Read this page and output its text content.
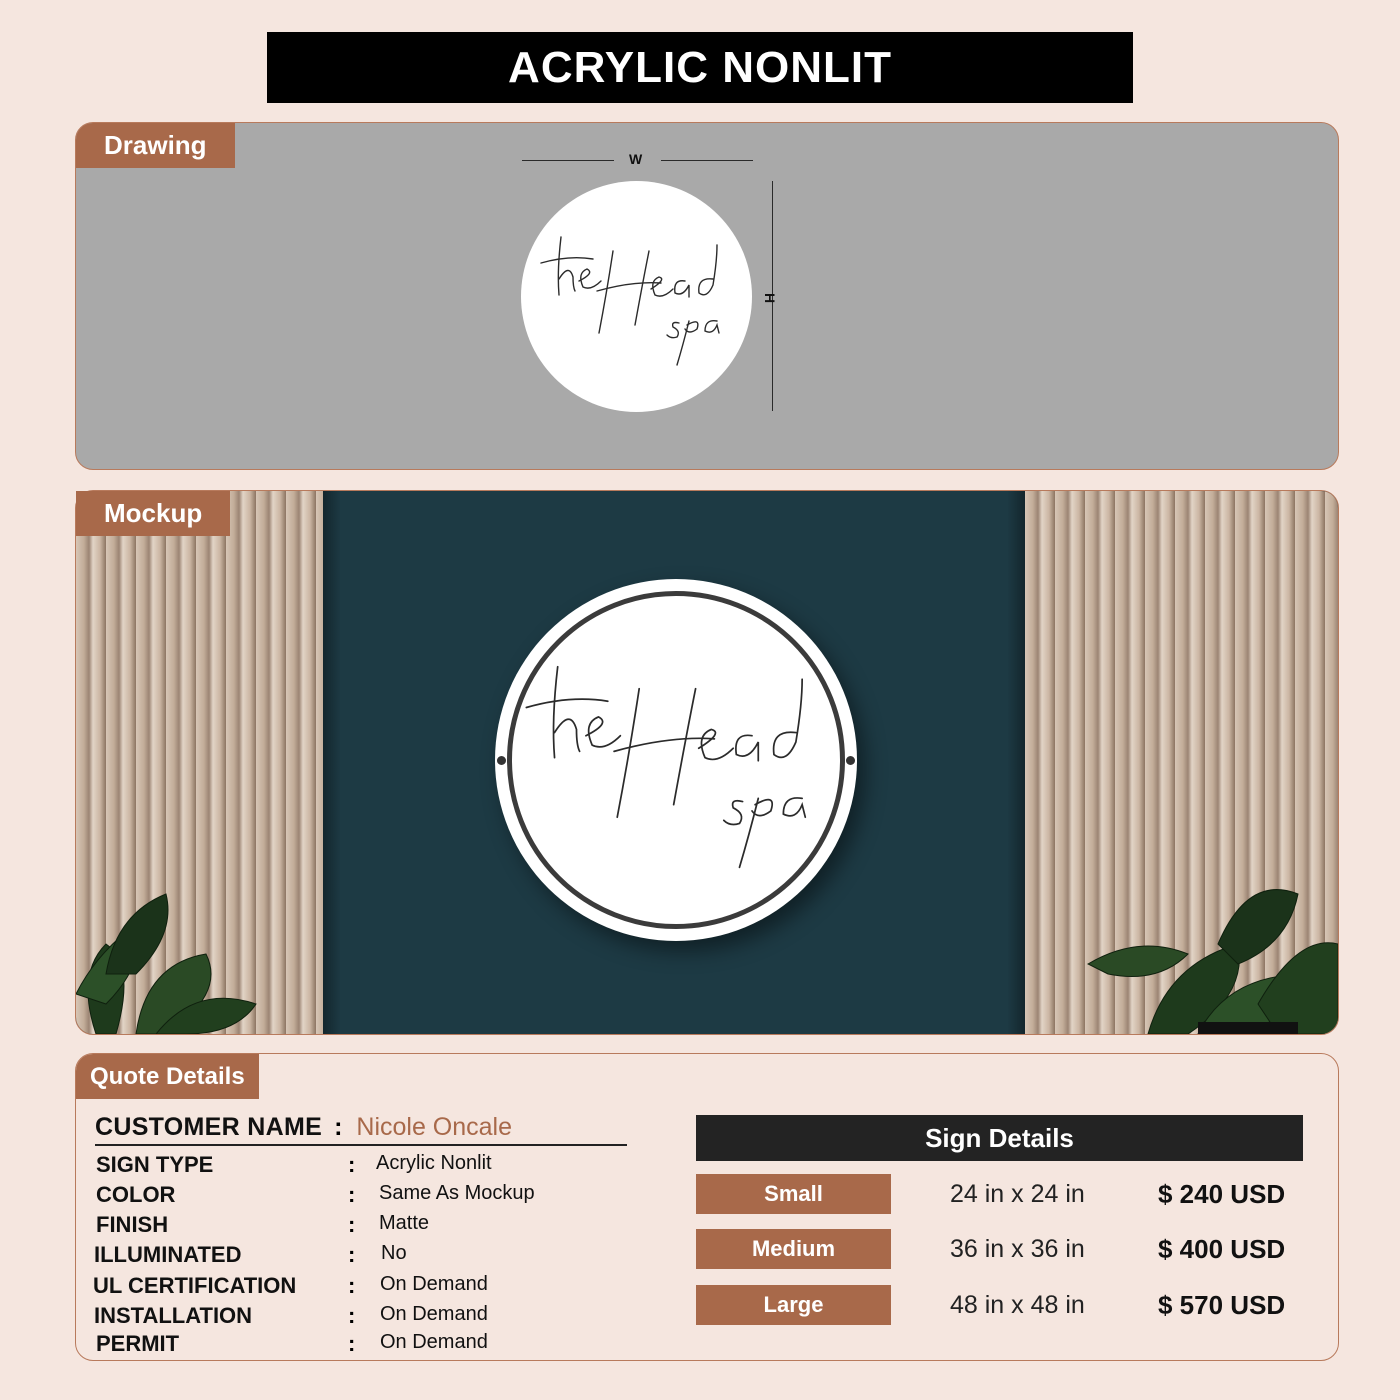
ACRYLIC NONLIT
Drawing	W
H
Mockup
Quote Details
CUSTOMER NAME : Nicole Oncale
SIGN TYPE	: Acrylic Nonlit
COLOR	: Same As Mockup
FINISH	: Matte
ILLUMINATED	: No
UL CERTIFICATION : On Demand
INSTALLATION	: On Demand
PERMIT	: On Demand
Sign Details
Small	24 in x 24 in	$ 240 USD
Medium	36 in x 36 in	$ 400 USD
Large	48 in x 48 in	$ 570 USD
